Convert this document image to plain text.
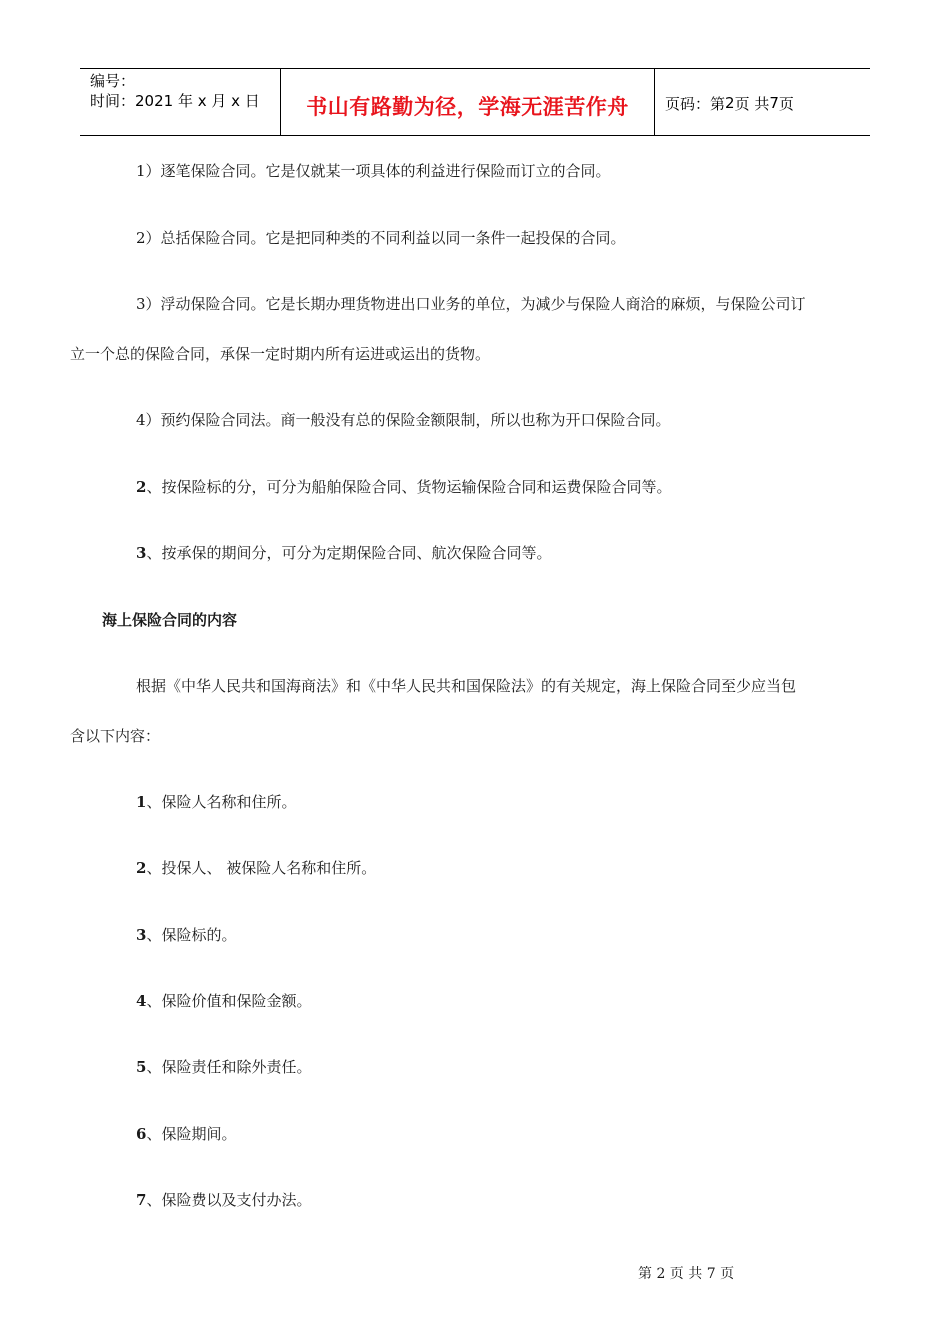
编号：
时间：2021 年 x 月 x 日	书山有路勤为径，学海无涯苦作舟	页码：第 2 页 共 7 页
1）逐笔保险合同。它是仅就某一项具体的利益进行保险而订立的合同。
2）总括保险合同。它是把同种类的不同利益以同一条件一起投保的合同。
3）浮动保险合同。它是长期办理货物进出口业务的单位，为减少与保险人商洽的麻烦，与保险公司订
立一个总的保险合同，承保一定时期内所有运进或运出的货物。
4）预约保险合同法。商一般没有总的保险金额限制，所以也称为开口保险合同。
2、按保险标的分，可分为船舶保险合同、货物运输保险合同和运费保险合同等。
3、按承保的期间分，可分为定期保险合同、航次保险合同等。
海上保险合同的内容
根据《中华人民共和国海商法》和《中华人民共和国保险法》的有关规定，海上保险合同至少应当包
含以下内容：
1、保险人名称和住所。
2、投保人、 被保险人名称和住所。
3、保险标的。
4、保险价值和保险金额。
5、保险责任和除外责任。
6、保险期间。
7、保险费以及支付办法。
第 2 页 共 7 页
